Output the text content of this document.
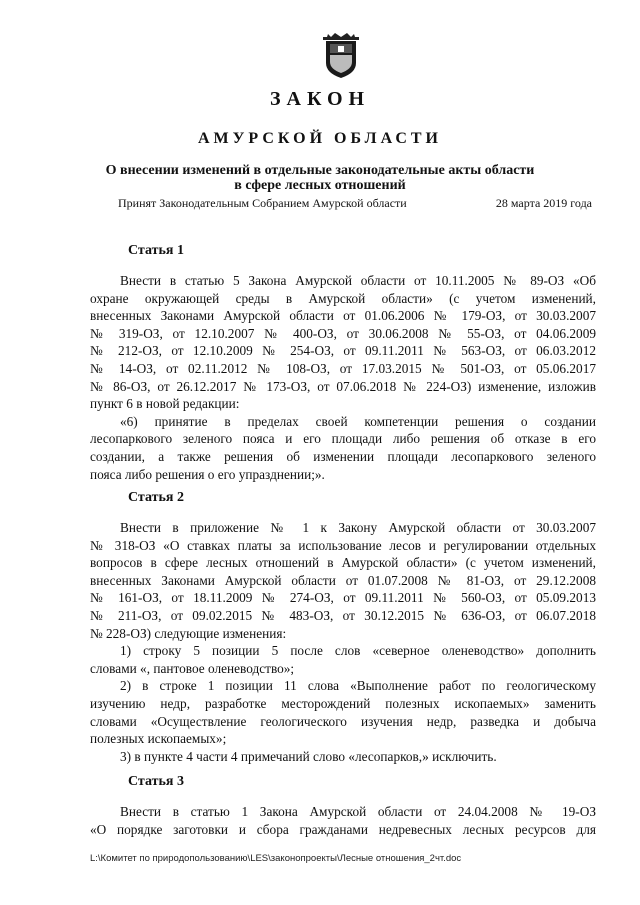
ЗАКОН
АМУРСКОЙ ОБЛАСТИ
О внесении изменений в отдельные законодательные акты области
в сфере лесных отношений
Принят Законодательным Собранием Амурской области	28 марта 2019 года
Статья 1
Внести в статью 5 Закона Амурской области от 10.11.2005 № 89-ОЗ «Об
охране окружающей среды в Амурской области» (с учетом изменений,
внесенных Законами Амурской области от 01.06.2006 № 179-ОЗ, от 30.03.2007
№ 319-ОЗ, от 12.10.2007 № 400-ОЗ, от 30.06.2008 № 55-ОЗ, от 04.06.2009
№ 212-ОЗ, от 12.10.2009 № 254-ОЗ, от 09.11.2011 № 563-ОЗ, от 06.03.2012
№ 14-ОЗ, от 02.11.2012 № 108-ОЗ, от 17.03.2015 № 501-ОЗ, от 05.06.2017
№ 86-ОЗ, от 26.12.2017 № 173-ОЗ, от 07.06.2018 № 224-ОЗ) изменение, изложив
пункт 6 в новой редакции:
«6) принятие в пределах своей компетенции решения о создании
лесопаркового зеленого пояса и его площади либо решения об отказе в его
создании, а также решения об изменении площади лесопаркового зеленого
пояса либо решения о его упразднении;».
Статья 2
Внести в приложение № 1 к Закону Амурской области от 30.03.2007
№ 318-ОЗ «О ставках платы за использование лесов и регулировании отдельных
вопросов в сфере лесных отношений в Амурской области» (с учетом изменений,
внесенных Законами Амурской области от 01.07.2008 № 81-ОЗ, от 29.12.2008
№ 161-ОЗ, от 18.11.2009 № 274-ОЗ, от 09.11.2011 № 560-ОЗ, от 05.09.2013
№ 211-ОЗ, от 09.02.2015 № 483-ОЗ, от 30.12.2015 № 636-ОЗ, от 06.07.2018
№ 228-ОЗ) следующие изменения:
1) строку 5 позиции 5 после слов «северное оленеводство» дополнить
словами «, пантовое оленеводство»;
2) в строке 1 позиции 11 слова «Выполнение работ по геологическому
изучению недр, разработке месторождений полезных ископаемых» заменить
словами «Осуществление геологического изучения недр, разведка и добыча
полезных ископаемых»;
3) в пункте 4 части 4 примечаний слово «лесопарков,» исключить.
Статья 3
Внести в статью 1 Закона Амурской области от 24.04.2008 № 19-ОЗ
«О порядке заготовки и сбора гражданами недревесных лесных ресурсов для
L:\Комитет по природопользованию\LES\законопроекты\Лесные отношения_2чт.doc
